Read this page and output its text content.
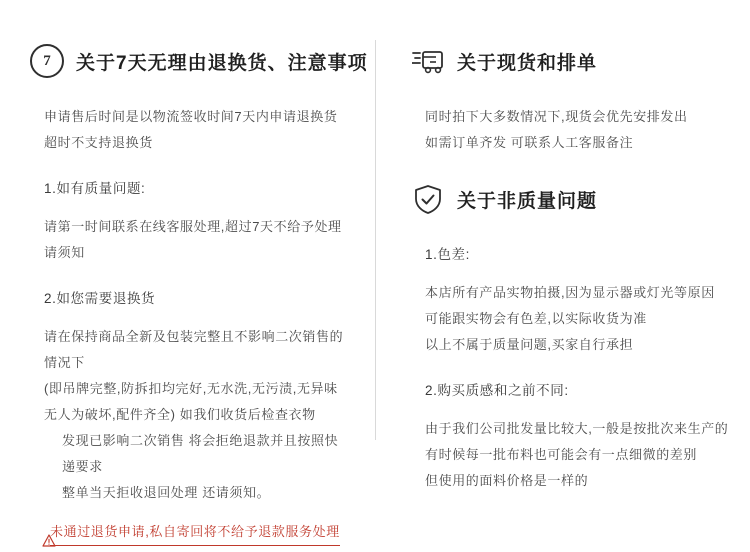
7	关于7天无理由退换货、注意事项
申请售后时间是以物流签收时间7天内申请退换货
超时不支持退换货
1.如有质量问题:
请第一时间联系在线客服处理,超过7天不给予处理请须知
2.如您需要退换货
请在保持商品全新及包装完整且不影响二次销售的情况下
(即吊牌完整,防拆扣均完好,无水洗,无污渍,无异味
无人为破坏,配件齐全) 如我们收货后检查衣物
发现已影响二次销售 将会拒绝退款并且按照快递要求
整单当天拒收退回处理 还请须知。
未通过退货申请,私自寄回将不给予退款服务处理
关于现货和排单
同时拍下大多数情况下,现货会优先安排发出
如需订单齐发 可联系人工客服备注
关于非质量问题
1.色差:
本店所有产品实物拍摄,因为显示器或灯光等原因
可能跟实物会有色差,以实际收货为准
以上不属于质量问题,买家自行承担
2.购买质感和之前不同:
由于我们公司批发量比较大,一般是按批次来生产的
有时候每一批布料也可能会有一点细微的差别
但使用的面料价格是一样的
